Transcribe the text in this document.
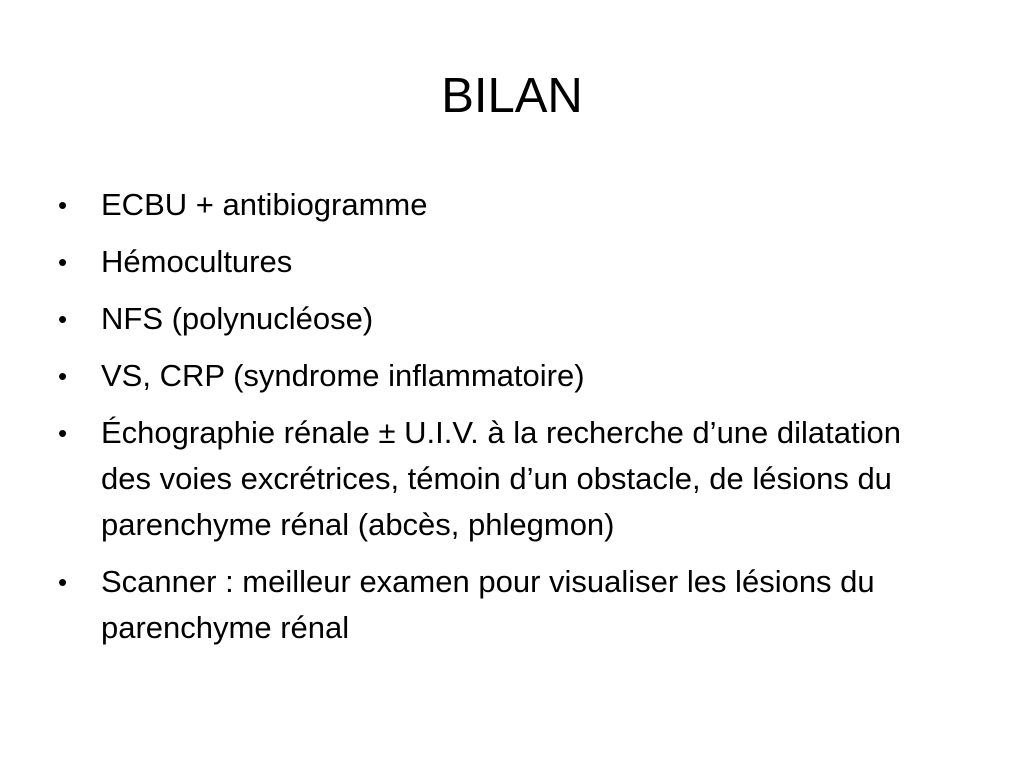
BILAN
•	ECBU + antibiogramme
•	Hémocultures
•	NFS (polynucléose)
•	VS, CRP (syndrome inflammatoire)
•	Échographie rénale ± U.I.V. à la recherche d’une dilatation des voies excrétrices, témoin d’un obstacle, de lésions du parenchyme rénal (abcès, phlegmon)
•	Scanner : meilleur examen pour visualiser les lésions du parenchyme rénal
